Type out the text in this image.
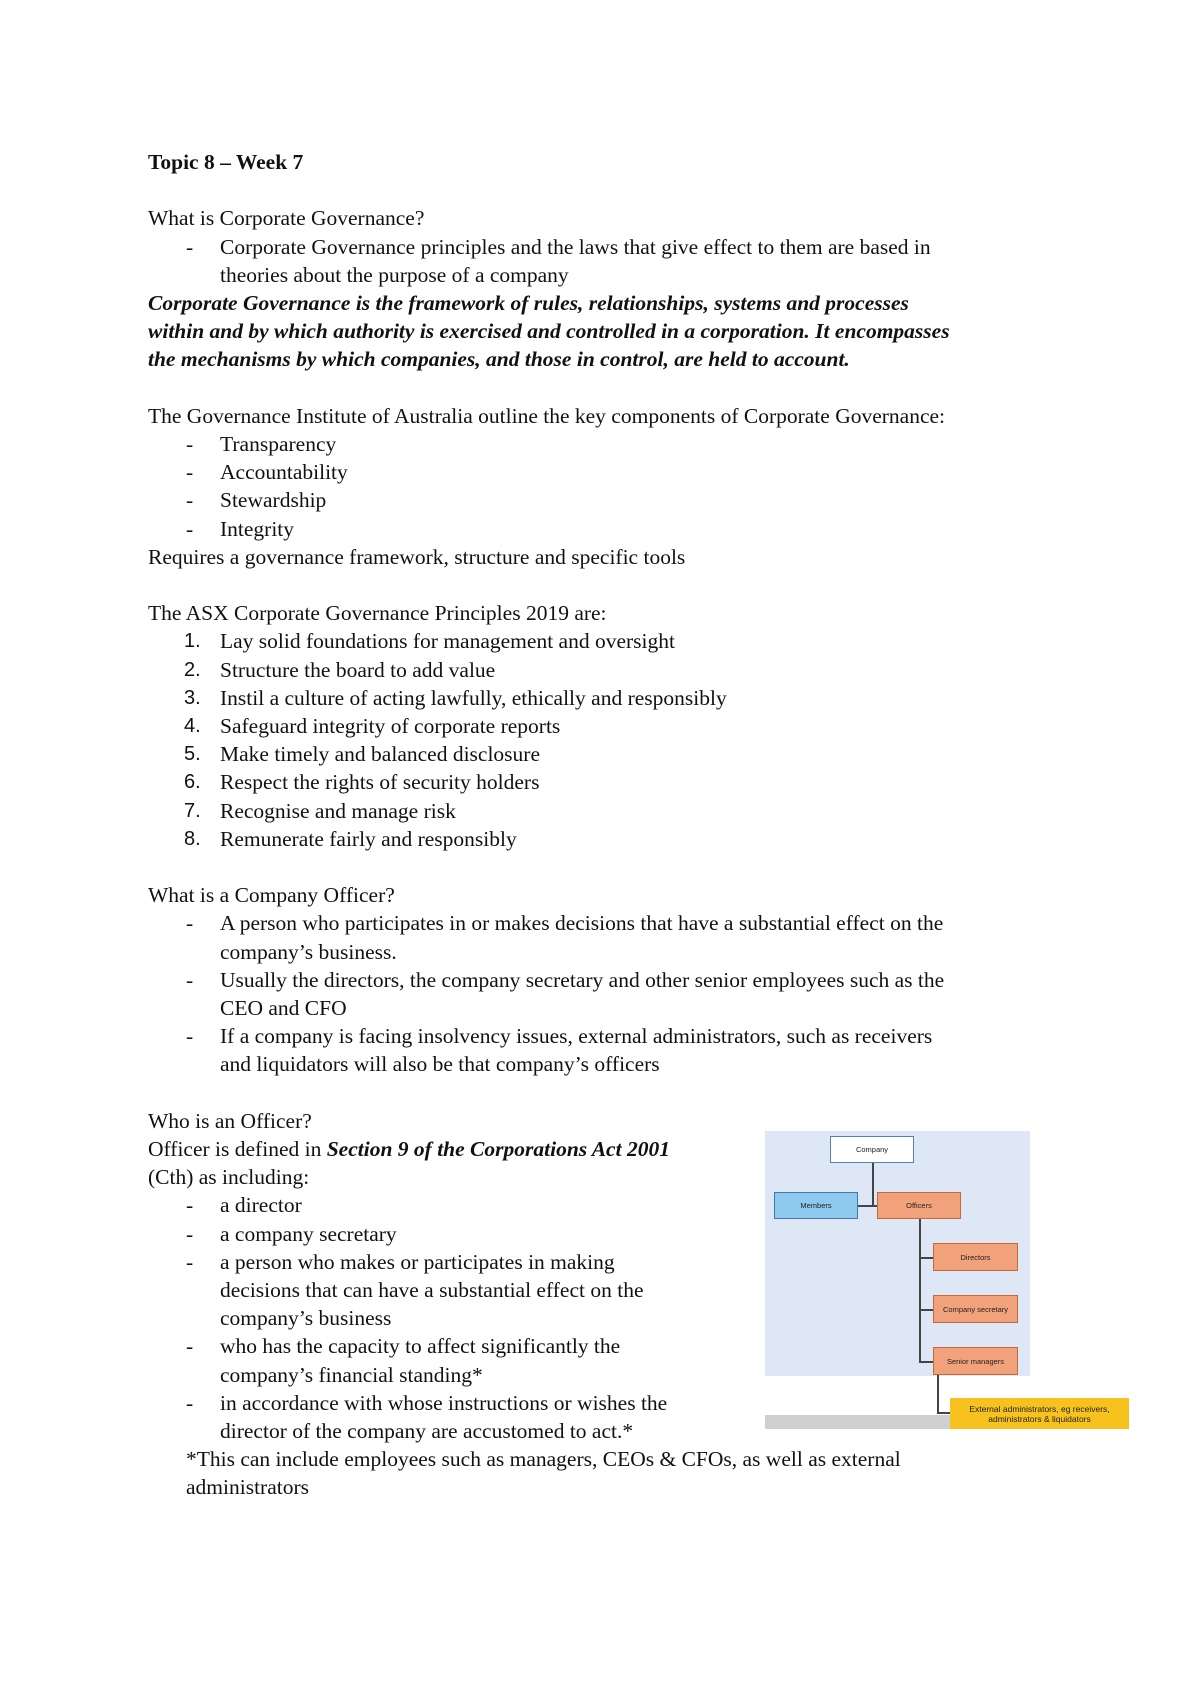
Topic 8 – Week 7
What is Corporate Governance?
- Corporate Governance principles and the laws that give effect to them are based in
theories about the purpose of a company
Corporate Governance is the framework of rules, relationships, systems and processes
within and by which authority is exercised and controlled in a corporation. It encompasses
the mechanisms by which companies, and those in control, are held to account.
The Governance Institute of Australia outline the key components of Corporate Governance:
- Transparency
- Accountability
- Stewardship
- Integrity
Requires a governance framework, structure and specific tools
The ASX Corporate Governance Principles 2019 are:
1. Lay solid foundations for management and oversight
2. Structure the board to add value
3. Instil a culture of acting lawfully, ethically and responsibly
4. Safeguard integrity of corporate reports
5. Make timely and balanced disclosure
6. Respect the rights of security holders
7. Recognise and manage risk
8. Remunerate fairly and responsibly
What is a Company Officer?
- A person who participates in or makes decisions that have a substantial effect on the
company’s business.
- Usually the directors, the company secretary and other senior employees such as the
CEO and CFO
- If a company is facing insolvency issues, external administrators, such as receivers
and liquidators will also be that company’s officers
Who is an Officer?
Officer is defined in Section 9 of the Corporations Act 2001
(Cth) as including:
- a director
- a company secretary
- a person who makes or participates in making
decisions that can have a substantial effect on the
company’s business
- who has the capacity to affect significantly the
company’s financial standing*
- in accordance with whose instructions or wishes the
director of the company are accustomed to act.*
*This can include employees such as managers, CEOs & CFOs, as well as external
administrators
Company
Members	Officers
Directors
Company secretary
Senior managers
External administrators, eg receivers, administrators & liquidators
